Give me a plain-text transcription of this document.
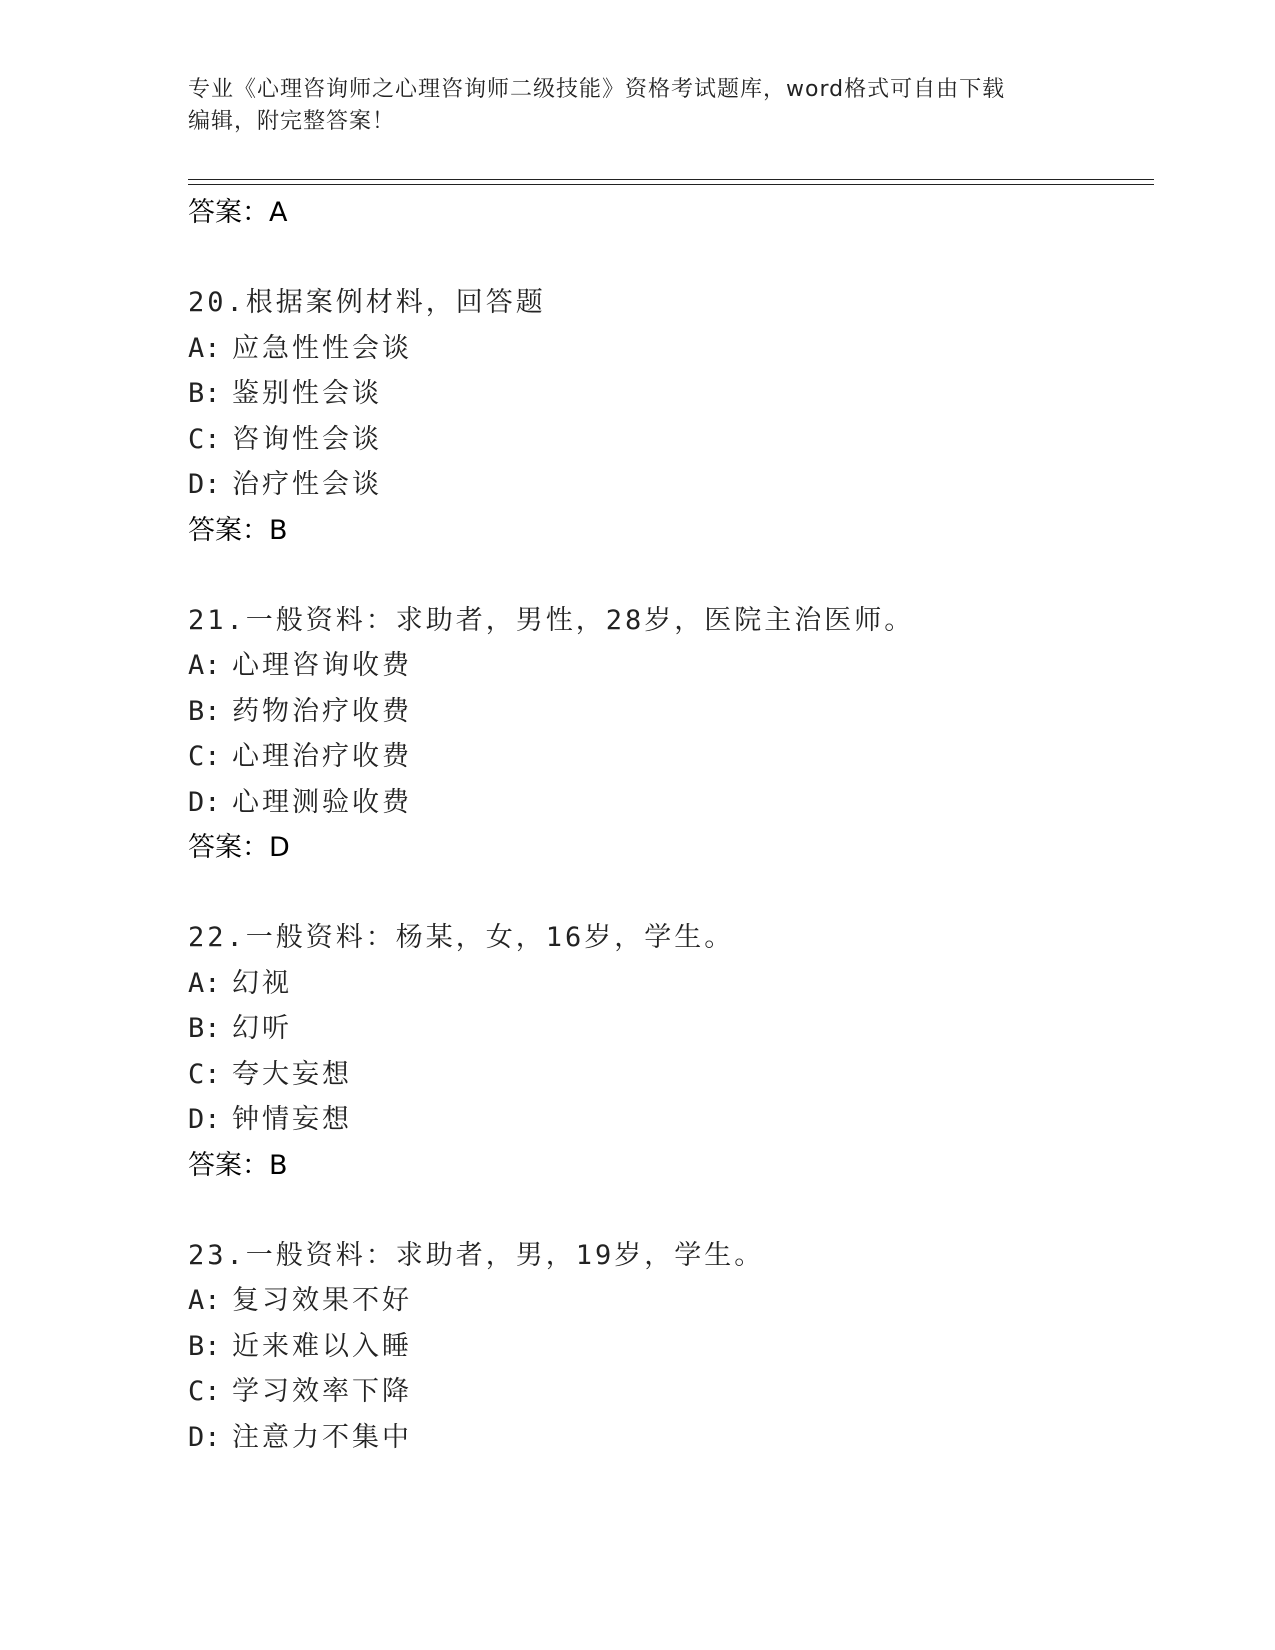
专业《心理咨询师之心理咨询师二级技能》资格考试题库，word格式可自由下载
编辑，附完整答案！
答案：A
20.根据案例材料，回答题
A: 应急性性会谈
B: 鉴别性会谈
C: 咨询性会谈
D: 治疗性会谈
答案：B
21.一般资料：求助者，男性，28岁，医院主治医师。
A: 心理咨询收费
B: 药物治疗收费
C: 心理治疗收费
D: 心理测验收费
答案：D
22.一般资料：杨某，女，16岁，学生。
A: 幻视
B: 幻听
C: 夸大妄想
D: 钟情妄想
答案：B
23.一般资料：求助者，男，19岁，学生。
A: 复习效果不好
B: 近来难以入睡
C: 学习效率下降
D: 注意力不集中
